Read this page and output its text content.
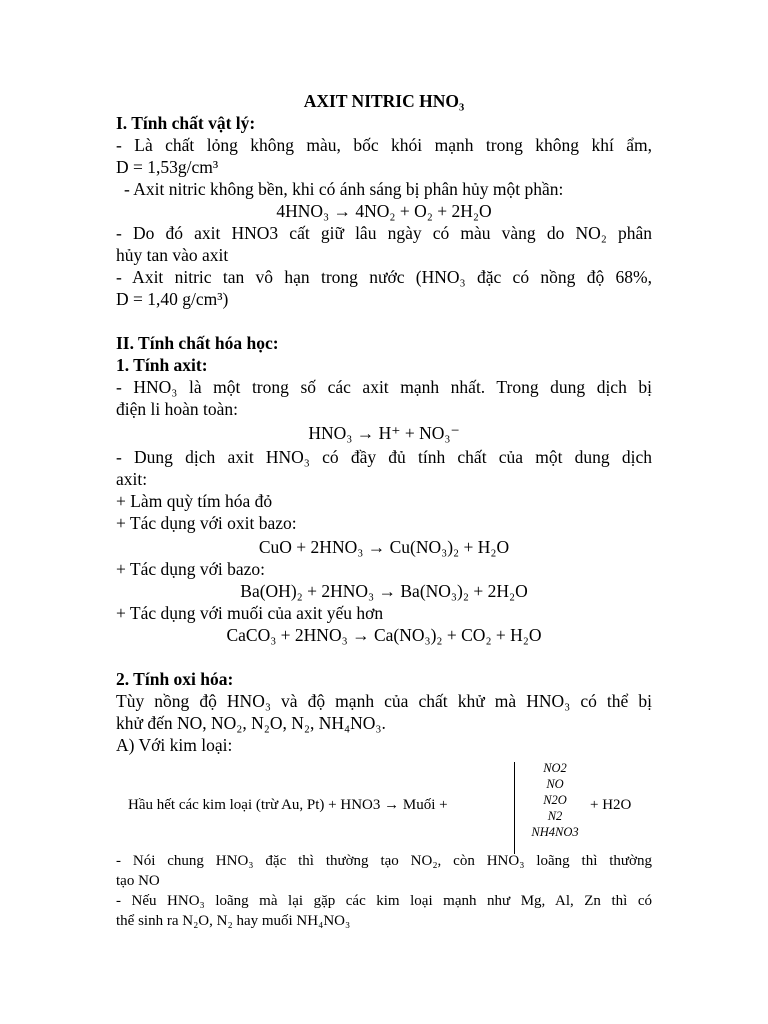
AXIT NITRIC HNO₃
I. Tính chất vật lý:
- Là chất lỏng không màu, bốc khói mạnh trong không khí ẩm,
D = 1,53g/cm³
- Axit nitric không bền, khi có ánh sáng bị phân hủy một phần:
4HNO₃ → 4NO₂ + O₂ + 2H₂O
- Do đó axit HNO3 cất giữ lâu ngày có màu vàng do NO₂ phân
hủy tan vào axit
- Axit nitric tan vô hạn trong nước (HNO₃ đặc có nồng độ 68%,
D = 1,40 g/cm³)
II. Tính chất hóa học:
1. Tính axit:
- HNO₃ là một trong số các axit mạnh nhất. Trong dung dịch bị
điện li hoàn toàn:
HNO₃ → H⁺ + NO₃⁻
- Dung dịch axit HNO₃ có đầy đủ tính chất của một dung dịch
axit:
+ Làm quỳ tím hóa đỏ
+ Tác dụng với oxit bazo:
CuO + 2HNO₃ → Cu(NO₃)₂ + H₂O
+ Tác dụng với bazo:
Ba(OH)₂ + 2HNO₃ → Ba(NO₃)₂ + 2H₂O
+ Tác dụng với muối của axit yếu hơn
CaCO₃ + 2HNO₃ → Ca(NO₃)₂ + CO₂ + H₂O
2. Tính oxi hóa:
Tùy nồng độ HNO₃ và độ mạnh của chất khử mà HNO₃ có thể bị
khử đến NO, NO₂, N₂O, N₂, NH₄NO₃.
A) Với kim loại:
Hầu hết các kim loại (trừ Au, Pt) + HNO3 → Muối +
NO2
NO
N2O
N2
NH4NO3
+ H2O
- Nói chung HNO₃ đặc thì thường tạo NO₂, còn HNO₃ loãng thì thường
tạo NO
- Nếu HNO₃ loãng mà lại gặp các kim loại mạnh như Mg, Al, Zn thì có
thể sinh ra N₂O, N₂ hay muối NH₄NO₃
